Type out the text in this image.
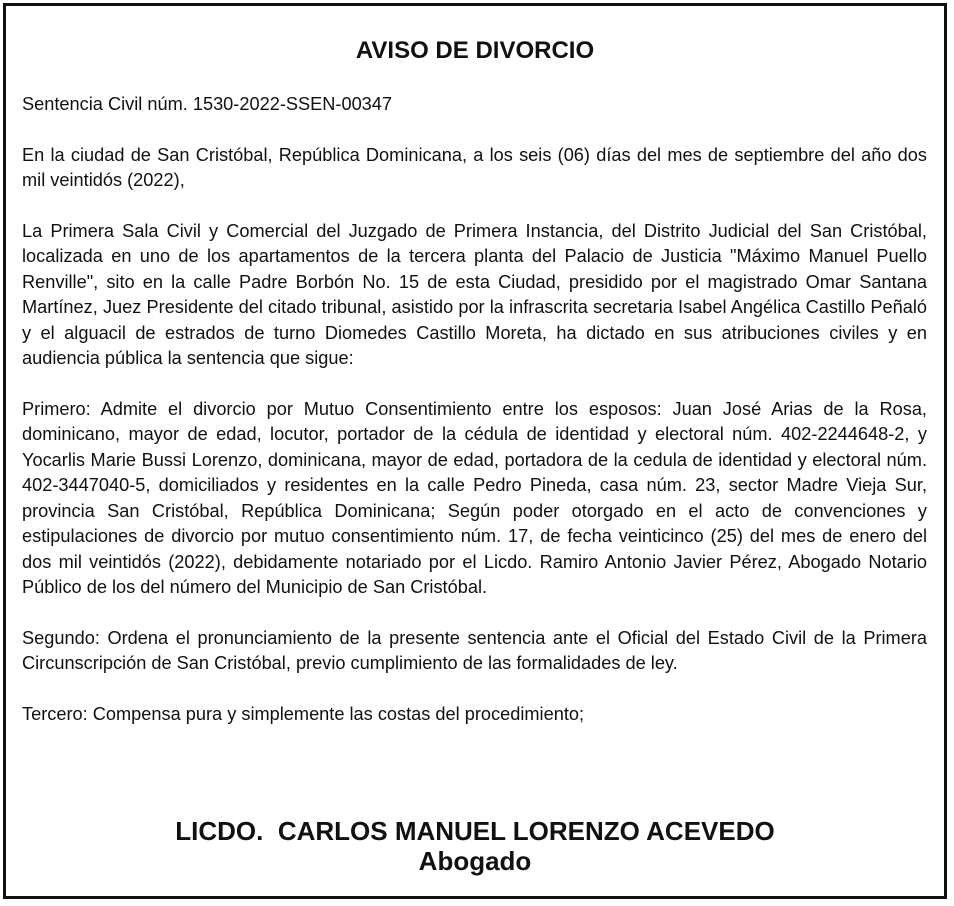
AVISO DE DIVORCIO

Sentencia Civil núm. 1530-2022-SSEN-00347

En la ciudad de San Cristóbal, República Dominicana, a los seis (06) días del mes de septiembre del año dos mil veintidós (2022),

La Primera Sala Civil y Comercial del Juzgado de Primera Instancia, del Distrito Judicial del San Cristóbal, localizada en uno de los apartamentos de la tercera planta del Palacio de Justicia "Máximo Manuel Puello Renville", sito en la calle Padre Borbón No. 15 de esta Ciudad, presidido por el magistrado Omar Santana Martínez, Juez Presidente del citado tribunal, asistido por la infrascrita secretaria Isabel Angélica Castillo Peñaló y el alguacil de estrados de turno Diomedes Castillo Moreta, ha dictado en sus atribuciones civiles y en audiencia pública la sentencia que sigue:

Primero: Admite el divorcio por Mutuo Consentimiento entre los esposos: Juan José Arias de la Rosa, dominicano, mayor de edad, locutor, portador de la cédula de identidad y electoral núm. 402-2244648-2, y Yocarlis Marie Bussi Lorenzo, dominicana, mayor de edad, portadora de la cedula de identidad y electoral núm. 402-3447040-5, domiciliados y residentes en la calle Pedro Pineda, casa núm. 23, sector Madre Vieja Sur, provincia San Cristóbal, República Dominicana; Según poder otorgado en el acto de convenciones y estipulaciones de divorcio por mutuo consentimiento núm. 17, de fecha veinticinco (25) del mes de enero del dos mil veintidós (2022), debidamente notariado por el Licdo. Ramiro Antonio Javier Pérez, Abogado Notario Público de los del número del Municipio de San Cristóbal.

Segundo: Ordena el pronunciamiento de la presente sentencia ante el Oficial del Estado Civil de la Primera Circunscripción de San Cristóbal, previo cumplimiento de las formalidades de ley.

Tercero: Compensa pura y simplemente las costas del procedimiento;

LICDO.  CARLOS MANUEL LORENZO ACEVEDO
Abogado
